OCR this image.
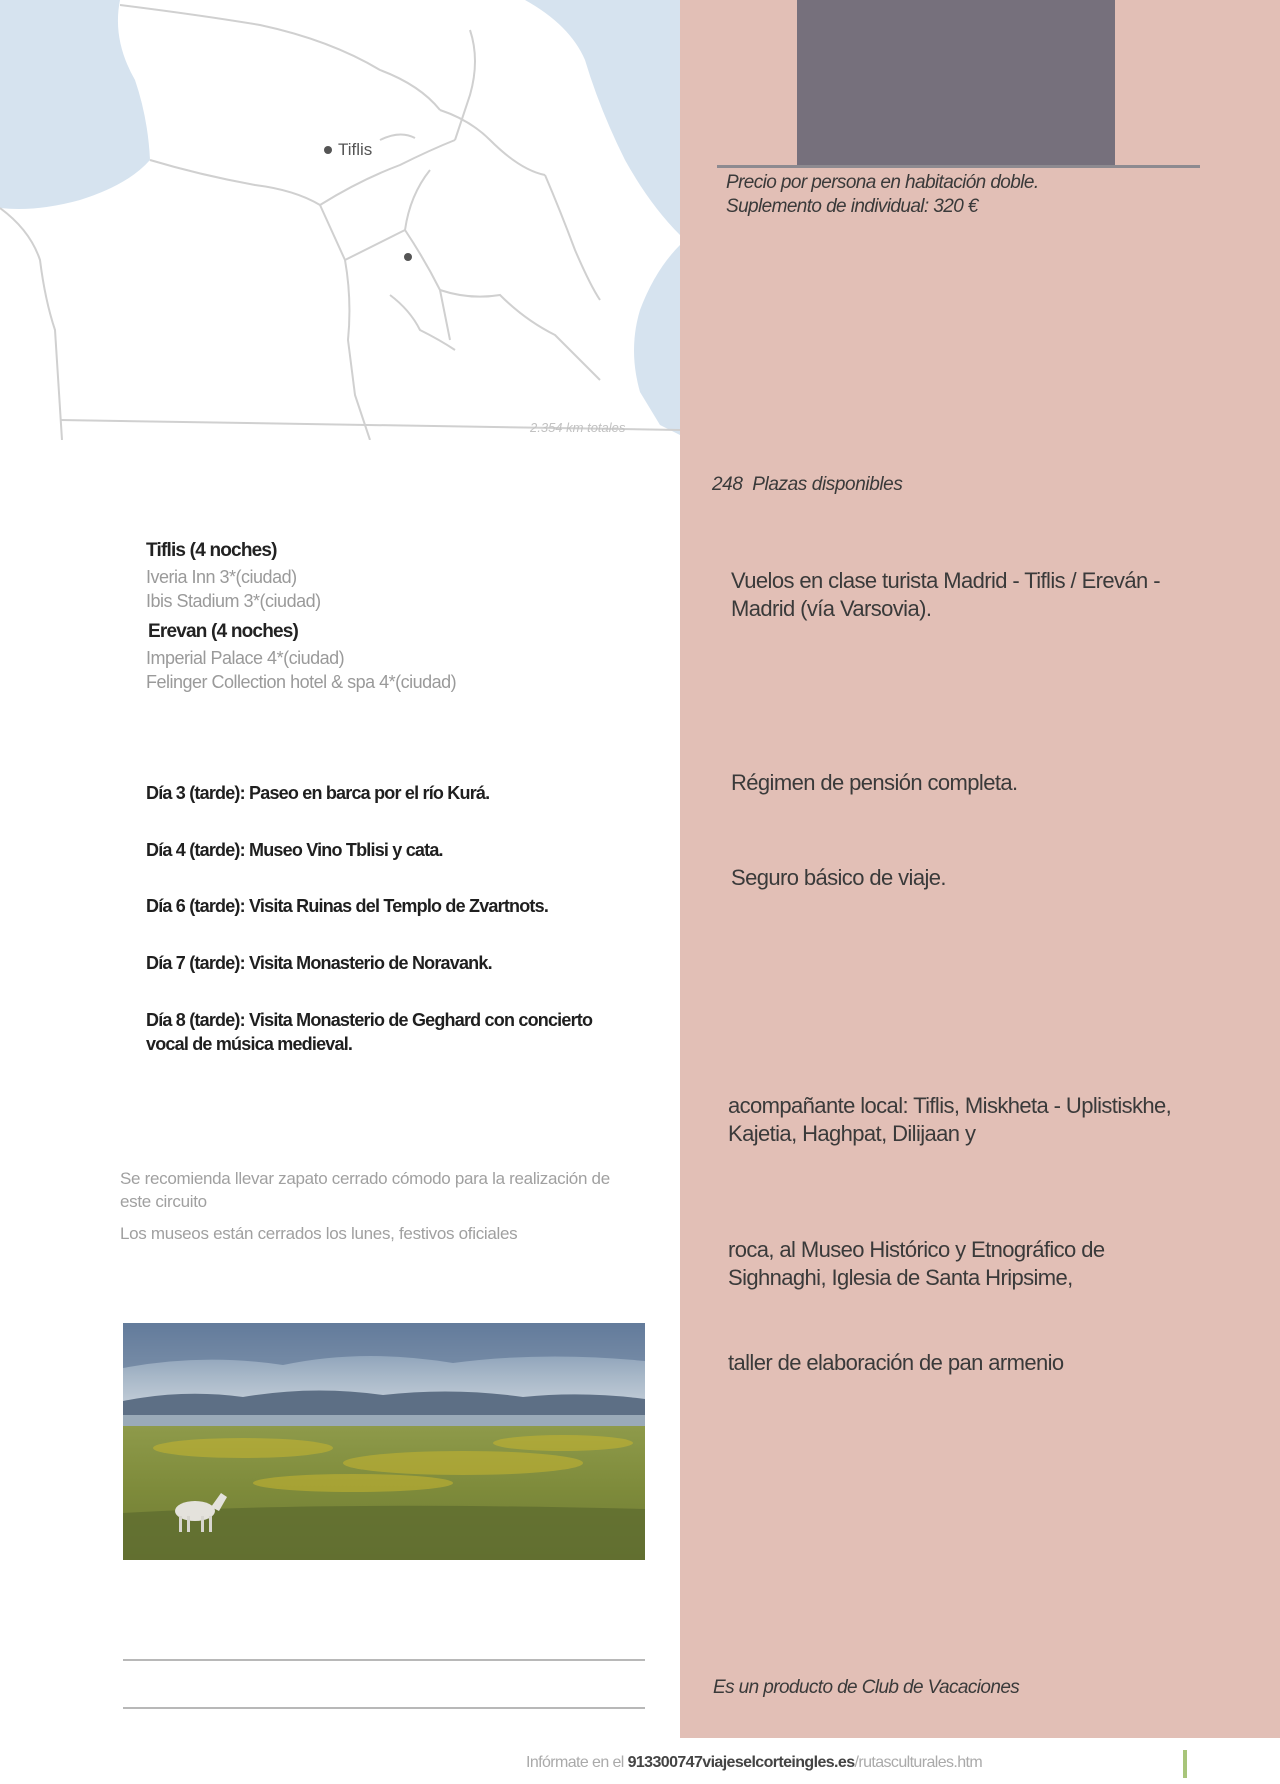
Tiflis
2.354 km totales
Precio por persona en habitación doble.
Suplemento de individual: 320 €
248 Plazas disponibles
Vuelos en clase turista Madrid - Tiflis / Ereván - Madrid (vía Varsovia).
Régimen de pensión completa.
Seguro básico de viaje.
acompañante local: Tiflis, Miskheta - Uplistiskhe, Kajetia, Haghpat, Dilijaan y
roca, al Museo Histórico y Etnográfico de Sighnaghi, Iglesia de Santa Hripsime,
taller de elaboración de pan armenio
Es un producto de Club de Vacaciones
Tiflis (4 noches)
Iveria Inn 3*(ciudad)
Ibis Stadium 3*(ciudad)
Erevan (4 noches)
Imperial Palace 4*(ciudad)
Felinger Collection hotel & spa 4*(ciudad)
Día 3 (tarde): Paseo en barca por el río Kurá.
Día 4 (tarde): Museo Vino Tblisi y cata.
Día 6 (tarde): Visita Ruinas del Templo de Zvartnots.
Día 7 (tarde): Visita Monasterio de Noravank.
Día 8 (tarde): Visita Monasterio de Geghard con concierto vocal de música medieval.
Se recomienda llevar zapato cerrado cómodo para la realización de este circuito
Los museos están cerrados los lunes, festivos oficiales
Infórmate en el 913300747viajeselcorteingles.es/rutasculturales.htm
